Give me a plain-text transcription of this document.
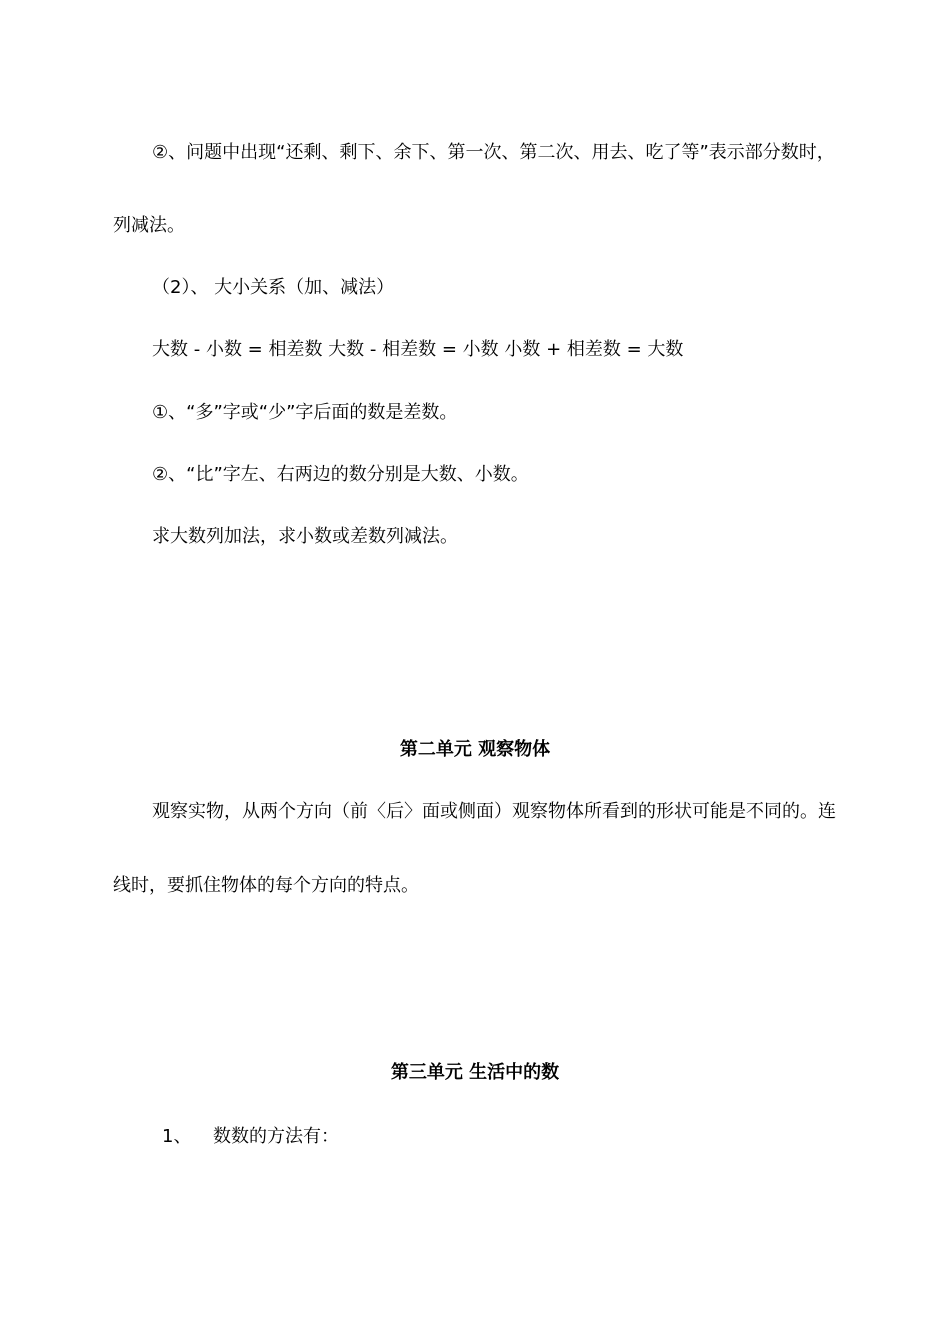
②、问题中出现“还剩、剩下、余下、第一次、第二次、用去、吃了等”表示部分数时，
列减法。
（2）、 大小关系（加、减法）
大数 - 小数 = 相差数 大数 - 相差数 = 小数 小数 + 相差数 = 大数
①、“多”字或“少”字后面的数是差数。
②、“比”字左、右两边的数分别是大数、小数。
求大数列加法，求小数或差数列减法。
第二单元 观察物体
观察实物，从两个方向（前〈后〉面或侧面）观察物体所看到的形状可能是不同的。连
线时，要抓住物体的每个方向的特点。
第三单元 生活中的数
1、 数数的方法有：
